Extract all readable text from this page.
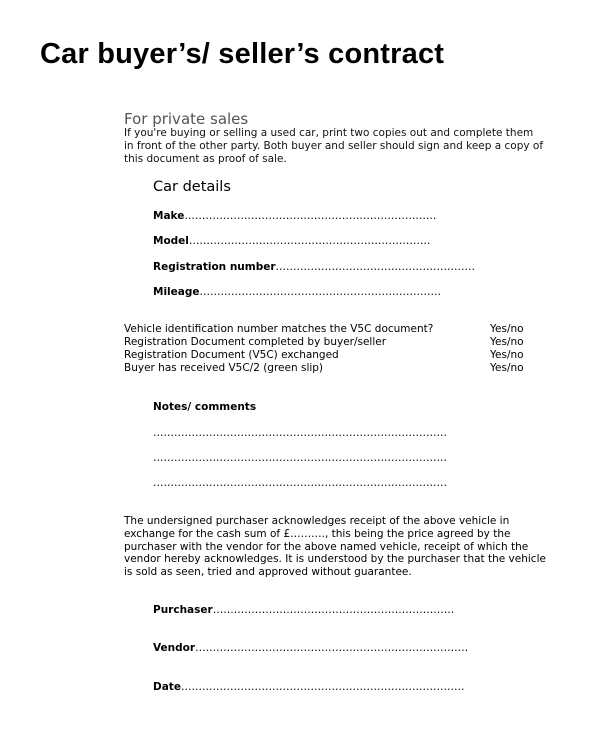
Car buyer’s/ seller’s contract
For private sales
If you're buying or selling a used car, print two copies out and complete them
in front of the other party. Both buyer and seller should sign and keep a copy of
this document as proof of sale.
Car details
Make………………………………………………………………
Model……………………………………………………………
Registration number…………………………………………………
Mileage……………………………………………………………
Vehicle identification number matches the V5C document?	Yes/no
Registration Document completed by buyer/seller	Yes/no
Registration Document (V5C) exchanged	Yes/no
Buyer has received V5C/2 (green slip)	Yes/no
Notes/ comments
…………………………………………………………………………
…………………………………………………………………………
…………………………………………………………………………
The undersigned purchaser acknowledges receipt of the above vehicle in
exchange for the cash sum of £………., this being the price agreed by the
purchaser with the vendor for the above named vehicle, receipt of which the
vendor hereby acknowledges. It is understood by the purchaser that the vehicle
is sold as seen, tried and approved without guarantee.
Purchaser……………………………………………………………
Vendor……………………………………………………………………
Date………………………………………………………………………
